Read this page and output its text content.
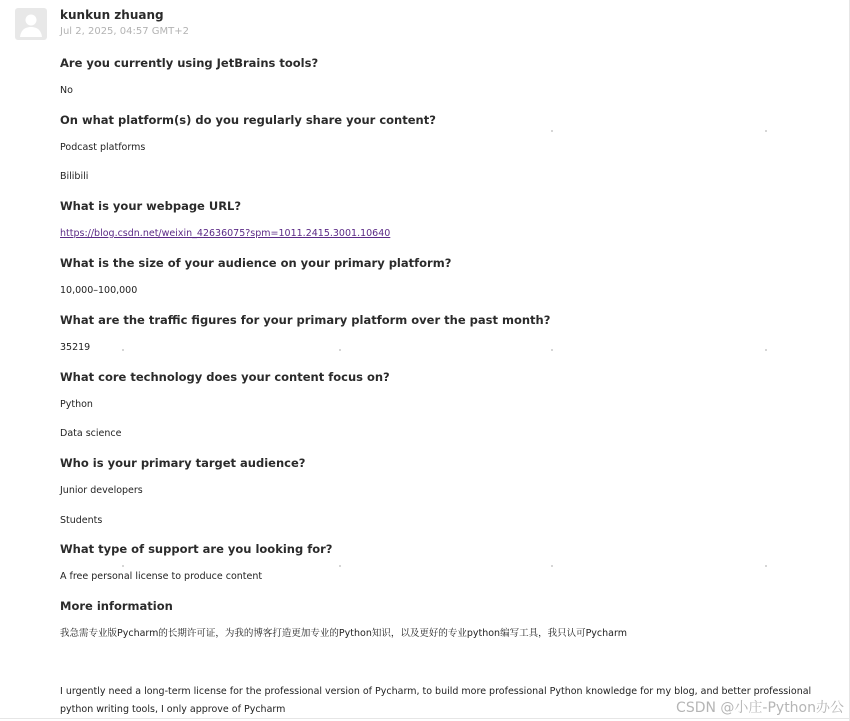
kunkun zhuang
Jul 2, 2025, 04:57 GMT+2
Are you currently using JetBrains tools?
No
On what platform(s) do you regularly share your content?
Podcast platforms
Bilibili
What is your webpage URL?
https://blog.csdn.net/weixin_42636075?spm=1011.2415.3001.10640
What is the size of your audience on your primary platform?
10,000–100,000
What are the traffic figures for your primary platform over the past month?
35219
What core technology does your content focus on?
Python
Data science
Who is your primary target audience?
Junior developers
Students
What type of support are you looking for?
A free personal license to produce content
More information
我急需专业版Pycharm的长期许可证，为我的博客打造更加专业的Python知识，以及更好的专业python编写工具，我只认可Pycharm
I urgently need a long-term license for the professional version of Pycharm, to build more professional Python knowledge for my blog, and better professional python writing tools, I only approve of Pycharm	CSDN @小庄-Python办公
